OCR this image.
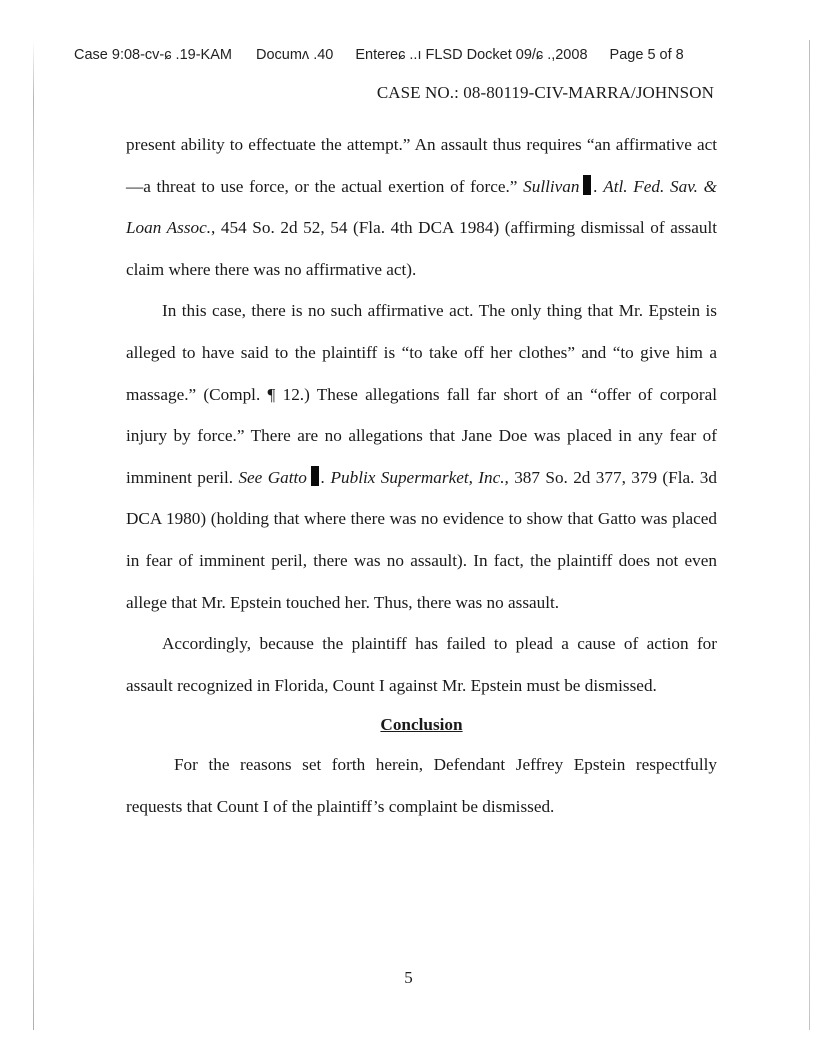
Case 9:08-cv-ɕ .19-KAM Documʌ .40 Entereɕ ..ı FLSD Docket 09/ɕ .,2008 Page 5 of 8
CASE NO.: 08-80119-CIV-MARRA/JOHNSON

present ability to effectuate the attempt.” An assault thus requires “an affirmative act—a threat to use force, or the actual exertion of force.” Sullivan . Atl. Fed. Sav. & Loan Assoc., 454 So. 2d 52, 54 (Fla. 4th DCA 1984) (affirming dismissal of assault claim where there was no affirmative act).

In this case, there is no such affirmative act. The only thing that Mr. Epstein is alleged to have said to the plaintiff is “to take off her clothes” and “to give him a massage.” (Compl. ¶ 12.) These allegations fall far short of an “offer of corporal injury by force.” There are no allegations that Jane Doe was placed in any fear of imminent peril. See Gatto . Publix Supermarket, Inc., 387 So. 2d 377, 379 (Fla. 3d DCA 1980) (holding that where there was no evidence to show that Gatto was placed in fear of imminent peril, there was no assault). In fact, the plaintiff does not even allege that Mr. Epstein touched her. Thus, there was no assault.

Accordingly, because the plaintiff has failed to plead a cause of action for assault recognized in Florida, Count I against Mr. Epstein must be dismissed.

Conclusion

For the reasons set forth herein, Defendant Jeffrey Epstein respectfully requests that Count I of the plaintiff’s complaint be dismissed.

5
